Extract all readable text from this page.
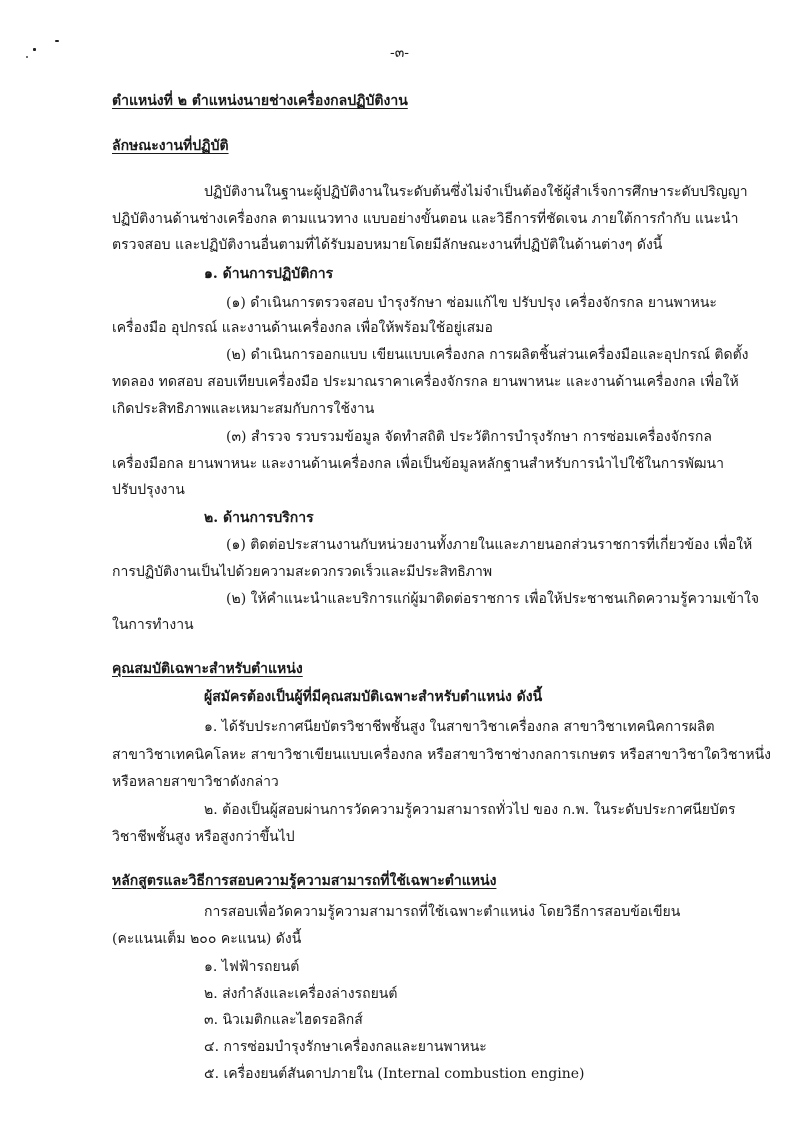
-๓-
ตำแหน่งที่ ๒ ตำแหน่งนายช่างเครื่องกลปฏิบัติงาน
ลักษณะงานที่ปฏิบัติ
ปฏิบัติงานในฐานะผู้ปฏิบัติงานในระดับต้นซึ่งไม่จำเป็นต้องใช้ผู้สำเร็จการศึกษาระดับปริญญา
ปฏิบัติงานด้านช่างเครื่องกล ตามแนวทาง แบบอย่างขั้นตอน และวิธีการที่ชัดเจน ภายใต้การกำกับ แนะนำ
ตรวจสอบ และปฏิบัติงานอื่นตามที่ได้รับมอบหมายโดยมีลักษณะงานที่ปฏิบัติในด้านต่างๆ ดังนี้
๑. ด้านการปฏิบัติการ
(๑) ดำเนินการตรวจสอบ บำรุงรักษา ซ่อมแก้ไข ปรับปรุง เครื่องจักรกล ยานพาหนะ
เครื่องมือ อุปกรณ์ และงานด้านเครื่องกล เพื่อให้พร้อมใช้อยู่เสมอ
(๒) ดำเนินการออกแบบ เขียนแบบเครื่องกล การผลิตชิ้นส่วนเครื่องมือและอุปกรณ์ ติดตั้ง
ทดลอง ทดสอบ สอบเทียบเครื่องมือ ประมาณราคาเครื่องจักรกล ยานพาหนะ และงานด้านเครื่องกล เพื่อให้
เกิดประสิทธิภาพและเหมาะสมกับการใช้งาน
(๓) สำรวจ รวบรวมข้อมูล จัดทำสถิติ ประวัติการบำรุงรักษา การซ่อมเครื่องจักรกล
เครื่องมือกล ยานพาหนะ และงานด้านเครื่องกล เพื่อเป็นข้อมูลหลักฐานสำหรับการนำไปใช้ในการพัฒนา
ปรับปรุงงาน
๒. ด้านการบริการ
(๑) ติดต่อประสานงานกับหน่วยงานทั้งภายในและภายนอกส่วนราชการที่เกี่ยวข้อง เพื่อให้
การปฏิบัติงานเป็นไปด้วยความสะดวกรวดเร็วและมีประสิทธิภาพ
(๒) ให้คำแนะนำและบริการแก่ผู้มาติดต่อราชการ เพื่อให้ประชาชนเกิดความรู้ความเข้าใจ
ในการทำงาน
คุณสมบัติเฉพาะสำหรับตำแหน่ง
ผู้สมัครต้องเป็นผู้ที่มีคุณสมบัติเฉพาะสำหรับตำแหน่ง ดังนี้
๑. ได้รับประกาศนียบัตรวิชาชีพชั้นสูง ในสาขาวิชาเครื่องกล สาขาวิชาเทคนิคการผลิต
สาขาวิชาเทคนิคโลหะ สาขาวิชาเขียนแบบเครื่องกล หรือสาขาวิชาช่างกลการเกษตร หรือสาขาวิชาใดวิชาหนึ่ง
หรือหลายสาขาวิชาดังกล่าว
๒. ต้องเป็นผู้สอบผ่านการวัดความรู้ความสามารถทั่วไป ของ ก.พ. ในระดับประกาศนียบัตร
วิชาชีพชั้นสูง หรือสูงกว่าขึ้นไป
หลักสูตรและวิธีการสอบความรู้ความสามารถที่ใช้เฉพาะตำแหน่ง
การสอบเพื่อวัดความรู้ความสามารถที่ใช้เฉพาะตำแหน่ง โดยวิธีการสอบข้อเขียน
(คะแนนเต็ม ๒๐๐ คะแนน) ดังนี้
๑. ไฟฟ้ารถยนต์
๒. ส่งกำลังและเครื่องล่างรถยนต์
๓. นิวเมติกและไฮดรอลิกส์
๔. การซ่อมบำรุงรักษาเครื่องกลและยานพาหนะ
๕. เครื่องยนต์สันดาปภายใน (Internal combustion engine)
